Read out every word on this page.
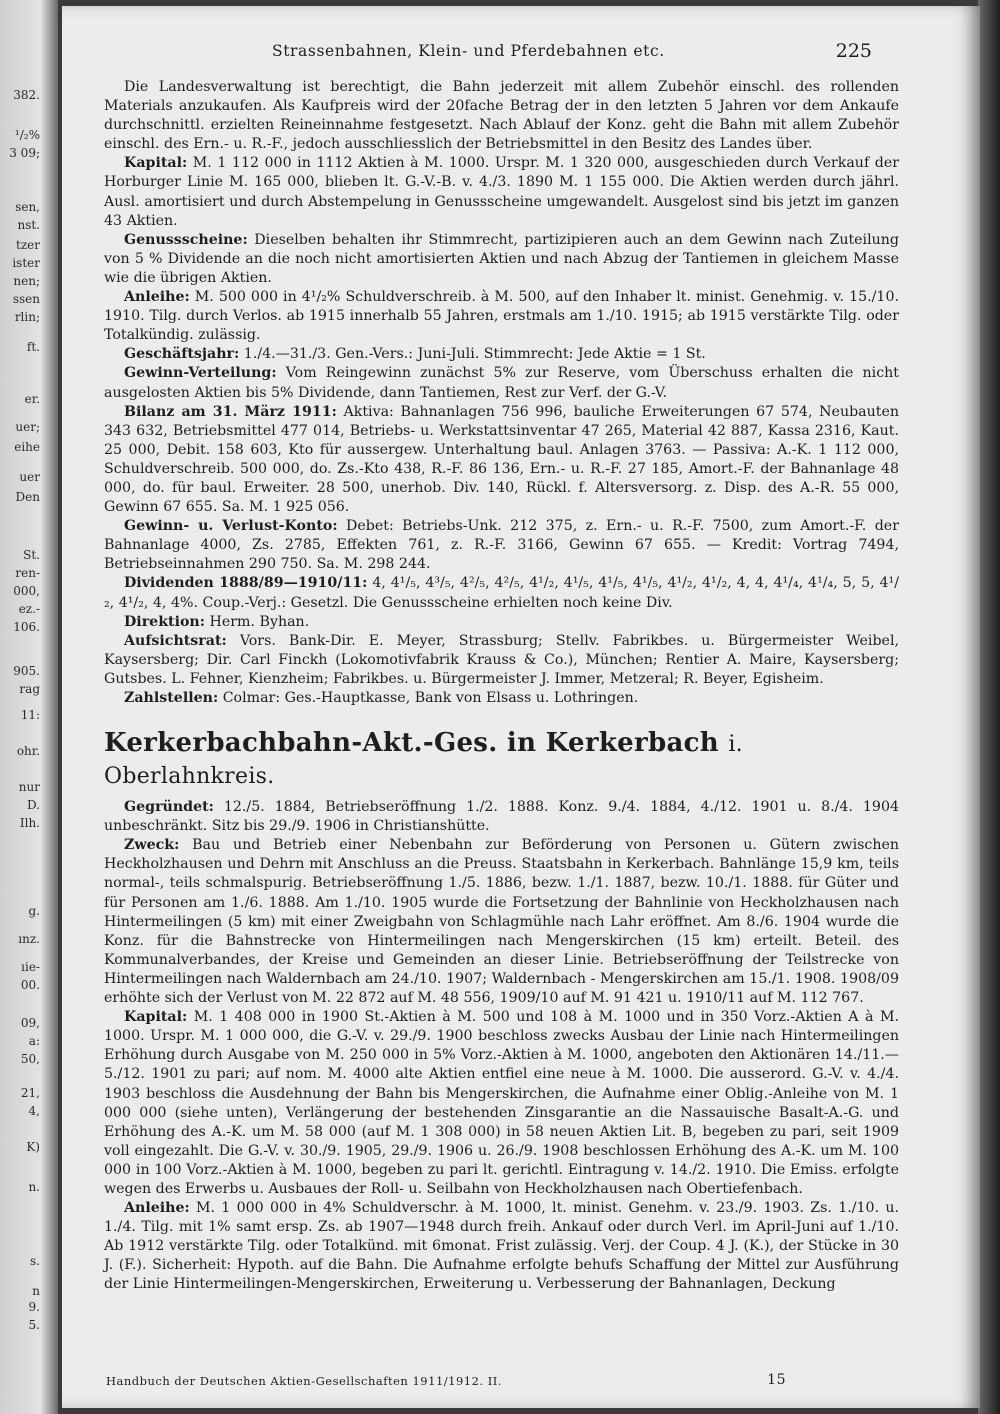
382.
¹/₂%
3 09;
sen,
nst.
tzer
ister
nen;
ssen
rlin;
ft.
er.
uer;
eihe
uer
Den
St.
ren-
000,
ez.-
106.
905.
rag
11:
ohr.
nur
D.
Ilh.
g.
ınz.
ıie-
00.
09,
a:
50,
21,
4,
K)
n.
s.
n
9.
5.
Strassenbahnen, Klein- und Pferdebahnen etc.	225

Die Landesverwaltung ist berechtigt, die Bahn jederzeit mit allem Zubehör einschl. des rollenden Materials anzukaufen. Als Kaufpreis wird der 20fache Betrag der in den letzten 5 Jahren vor dem Ankaufe durchschnittl. erzielten Reineinnahme festgesetzt. Nach Ablauf der Konz. geht die Bahn mit allem Zubehör einschl. des Ern.- u. R.-F., jedoch ausschliesslich der Betriebsmittel in den Besitz des Landes über.

Kapital: M. 1 112 000 in 1112 Aktien à M. 1000. Urspr. M. 1 320 000, ausgeschieden durch Verkauf der Horburger Linie M. 165 000, blieben lt. G.-V.-B. v. 4./3. 1890 M. 1 155 000. Die Aktien werden durch jährl. Ausl. amortisiert und durch Abstempelung in Genussscheine umgewandelt. Ausgelost sind bis jetzt im ganzen 43 Aktien.

Genussscheine: Dieselben behalten ihr Stimmrecht, partizipieren auch an dem Gewinn nach Zuteilung von 5 % Dividende an die noch nicht amortisierten Aktien und nach Abzug der Tantiemen in gleichem Masse wie die übrigen Aktien.

Anleihe: M. 500 000 in 4¹/₂% Schuldverschreib. à M. 500, auf den Inhaber lt. minist. Genehmig. v. 15./10. 1910. Tilg. durch Verlos. ab 1915 innerhalb 55 Jahren, erstmals am 1./10. 1915; ab 1915 verstärkte Tilg. oder Totalkündig. zulässig.

Geschäftsjahr: 1./4.—31./3. Gen.-Vers.: Juni-Juli. Stimmrecht: Jede Aktie = 1 St.

Gewinn-Verteilung: Vom Reingewinn zunächst 5% zur Reserve, vom Überschuss erhalten die nicht ausgelosten Aktien bis 5% Dividende, dann Tantiemen, Rest zur Verf. der G.-V.

Bilanz am 31. März 1911: Aktiva: Bahnanlagen 756 996, bauliche Erweiterungen 67 574, Neubauten 343 632, Betriebsmittel 477 014, Betriebs- u. Werkstattsinventar 47 265, Material 42 887, Kassa 2316, Kaut. 25 000, Debit. 158 603, Kto für aussergew. Unterhaltung baul. Anlagen 3763. — Passiva: A.-K. 1 112 000, Schuldverschreib. 500 000, do. Zs.-Kto 438, R.-F. 86 136, Ern.- u. R.-F. 27 185, Amort.-F. der Bahnanlage 48 000, do. für baul. Erweiter. 28 500, unerhob. Div. 140, Rückl. f. Altersversorg. z. Disp. des A.-R. 55 000, Gewinn 67 655. Sa. M. 1 925 056.

Gewinn- u. Verlust-Konto: Debet: Betriebs-Unk. 212 375, z. Ern.- u. R.-F. 7500, zum Amort.-F. der Bahnanlage 4000, Zs. 2785, Effekten 761, z. R.-F. 3166, Gewinn 67 655. — Kredit: Vortrag 7494, Betriebseinnahmen 290 750. Sa. M. 298 244.

Dividenden 1888/89—1910/11: 4, 4¹/₅, 4³/₅, 4²/₅, 4²/₅, 4¹/₂, 4¹/₅, 4¹/₅, 4¹/₅, 4¹/₂, 4¹/₂, 4, 4, 4¹/₄, 4¹/₄, 5, 5, 4¹/₂, 4¹/₂, 4, 4%. Coup.-Verj.: Gesetzl. Die Genussscheine erhielten noch keine Div.

Direktion: Herm. Byhan.

Aufsichtsrat: Vors. Bank-Dir. E. Meyer, Strassburg; Stellv. Fabrikbes. u. Bürgermeister Weibel, Kaysersberg; Dir. Carl Finckh (Lokomotivfabrik Krauss & Co.), München; Rentier A. Maire, Kaysersberg; Gutsbes. L. Fehner, Kienzheim; Fabrikbes. u. Bürgermeister J. Immer, Metzeral; R. Beyer, Egisheim.

Zahlstellen: Colmar: Ges.-Hauptkasse, Bank von Elsass u. Lothringen.

Kerkerbachbahn-Akt.-Ges. in Kerkerbach i. Oberlahnkreis.

Gegründet: 12./5. 1884, Betriebseröffnung 1./2. 1888. Konz. 9./4. 1884, 4./12. 1901 u. 8./4. 1904 unbeschränkt. Sitz bis 29./9. 1906 in Christianshütte.

Zweck: Bau und Betrieb einer Nebenbahn zur Beförderung von Personen u. Gütern zwischen Heckholzhausen und Dehrn mit Anschluss an die Preuss. Staatsbahn in Kerkerbach. Bahnlänge 15,9 km, teils normal-, teils schmalspurig. Betriebseröffnung 1./5. 1886, bezw. 1./1. 1887, bezw. 10./1. 1888. für Güter und für Personen am 1./6. 1888. Am 1./10. 1905 wurde die Fortsetzung der Bahnlinie von Heckholzhausen nach Hintermeilingen (5 km) mit einer Zweigbahn von Schlagmühle nach Lahr eröffnet. Am 8./6. 1904 wurde die Konz. für die Bahnstrecke von Hintermeilingen nach Mengerskirchen (15 km) erteilt. Beteil. des Kommunalverbandes, der Kreise und Gemeinden an dieser Linie. Betriebseröffnung der Teilstrecke von Hintermeilingen nach Waldernbach am 24./10. 1907; Waldernbach - Mengerskirchen am 15./1. 1908. 1908/09 erhöhte sich der Verlust von M. 22 872 auf M. 48 556, 1909/10 auf M. 91 421 u. 1910/11 auf M. 112 767.

Kapital: M. 1 408 000 in 1900 St.-Aktien à M. 500 und 108 à M. 1000 und in 350 Vorz.-Aktien A à M. 1000. Urspr. M. 1 000 000, die G.-V. v. 29./9. 1900 beschloss zwecks Ausbau der Linie nach Hintermeilingen Erhöhung durch Ausgabe von M. 250 000 in 5% Vorz.-Aktien à M. 1000, angeboten den Aktionären 14./11.—5./12. 1901 zu pari; auf nom. M. 4000 alte Aktien entfiel eine neue à M. 1000. Die ausserord. G.-V. v. 4./4. 1903 beschloss die Ausdehnung der Bahn bis Mengerskirchen, die Aufnahme einer Oblig.-Anleihe von M. 1 000 000 (siehe unten), Verlängerung der bestehenden Zinsgarantie an die Nassauische Basalt-A.-G. und Erhöhung des A.-K. um M. 58 000 (auf M. 1 308 000) in 58 neuen Aktien Lit. B, begeben zu pari, seit 1909 voll eingezahlt. Die G.-V. v. 30./9. 1905, 29./9. 1906 u. 26./9. 1908 beschlossen Erhöhung des A.-K. um M. 100 000 in 100 Vorz.-Aktien à M. 1000, begeben zu pari lt. gerichtl. Eintragung v. 14./2. 1910. Die Emiss. erfolgte wegen des Erwerbs u. Ausbaues der Roll- u. Seilbahn von Heckholzhausen nach Obertiefenbach.

Anleihe: M. 1 000 000 in 4% Schuldverschr. à M. 1000, lt. minist. Genehm. v. 23./9. 1903. Zs. 1./10. u. 1./4. Tilg. mit 1% samt ersp. Zs. ab 1907—1948 durch freih. Ankauf oder durch Verl. im April-Juni auf 1./10. Ab 1912 verstärkte Tilg. oder Totalkünd. mit 6monat. Frist zulässig. Verj. der Coup. 4 J. (K.), der Stücke in 30 J. (F.). Sicherheit: Hypoth. auf die Bahn. Die Aufnahme erfolgte behufs Schaffung der Mittel zur Ausführung der Linie Hintermeilingen-Mengerskirchen, Erweiterung u. Verbesserung der Bahnanlagen, Deckung

Handbuch der Deutschen Aktien-Gesellschaften 1911/1912. II.	15
